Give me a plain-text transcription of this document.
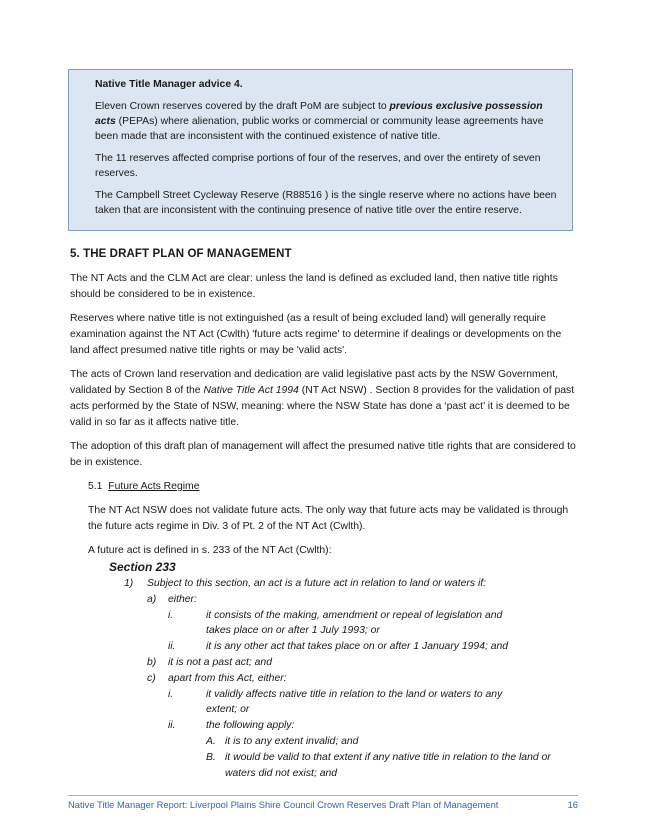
Native Title Manager advice 4.

Eleven Crown reserves covered by the draft PoM are subject to previous exclusive possession acts (PEPAs) where alienation, public works or commercial or community lease agreements have been made that are inconsistent with the continued existence of native title.

The 11 reserves affected comprise portions of four of the reserves, and over the entirety of seven reserves.

The Campbell Street Cycleway Reserve (R88516 ) is the single reserve where no actions have been taken that are inconsistent with the continuing presence of native title over the entire reserve.

5. THE DRAFT PLAN OF MANAGEMENT

The NT Acts and the CLM Act are clear: unless the land is defined as excluded land, then native title rights should be considered to be in existence.

Reserves where native title is not extinguished (as a result of being excluded land) will generally require examination against the NT Act (Cwlth) 'future acts regime' to determine if dealings or developments on the land affect presumed native title rights or may be 'valid acts'.

The acts of Crown land reservation and dedication are valid legislative past acts by the NSW Government, validated by Section 8 of the Native Title Act 1994 (NT Act NSW) . Section 8 provides for the validation of past acts performed by the State of NSW, meaning: where the NSW State has done a ‘past act’ it is deemed to be valid in so far as it affects native title.

The adoption of this draft plan of management will affect the presumed native title rights that are considered to be in existence.

5.1 Future Acts Regime

The NT Act NSW does not validate future acts. The only way that future acts may be validated is through the future acts regime in Div. 3 of Pt. 2 of the NT Act (Cwlth).

A future act is defined in s. 233 of the NT Act (Cwlth):

Section 233
1)	Subject to this section, an act is a future act in relation to land or waters if:
a)	either:
i.	it consists of the making, amendment or repeal of legislation and takes place on or after 1 July 1993; or
ii.	it is any other act that takes place on or after 1 January 1994; and
b)	it is not a past act; and
c)	apart from this Act, either:
i.	it validly affects native title in relation to the land or waters to any extent; or
ii.	the following apply:
A. it is to any extent invalid; and
B. it would be valid to that extent if any native title in relation to the land or waters did not exist; and
Native Title Manager Report: Liverpool Plains Shire Council Crown Reserves Draft Plan of Management	16
